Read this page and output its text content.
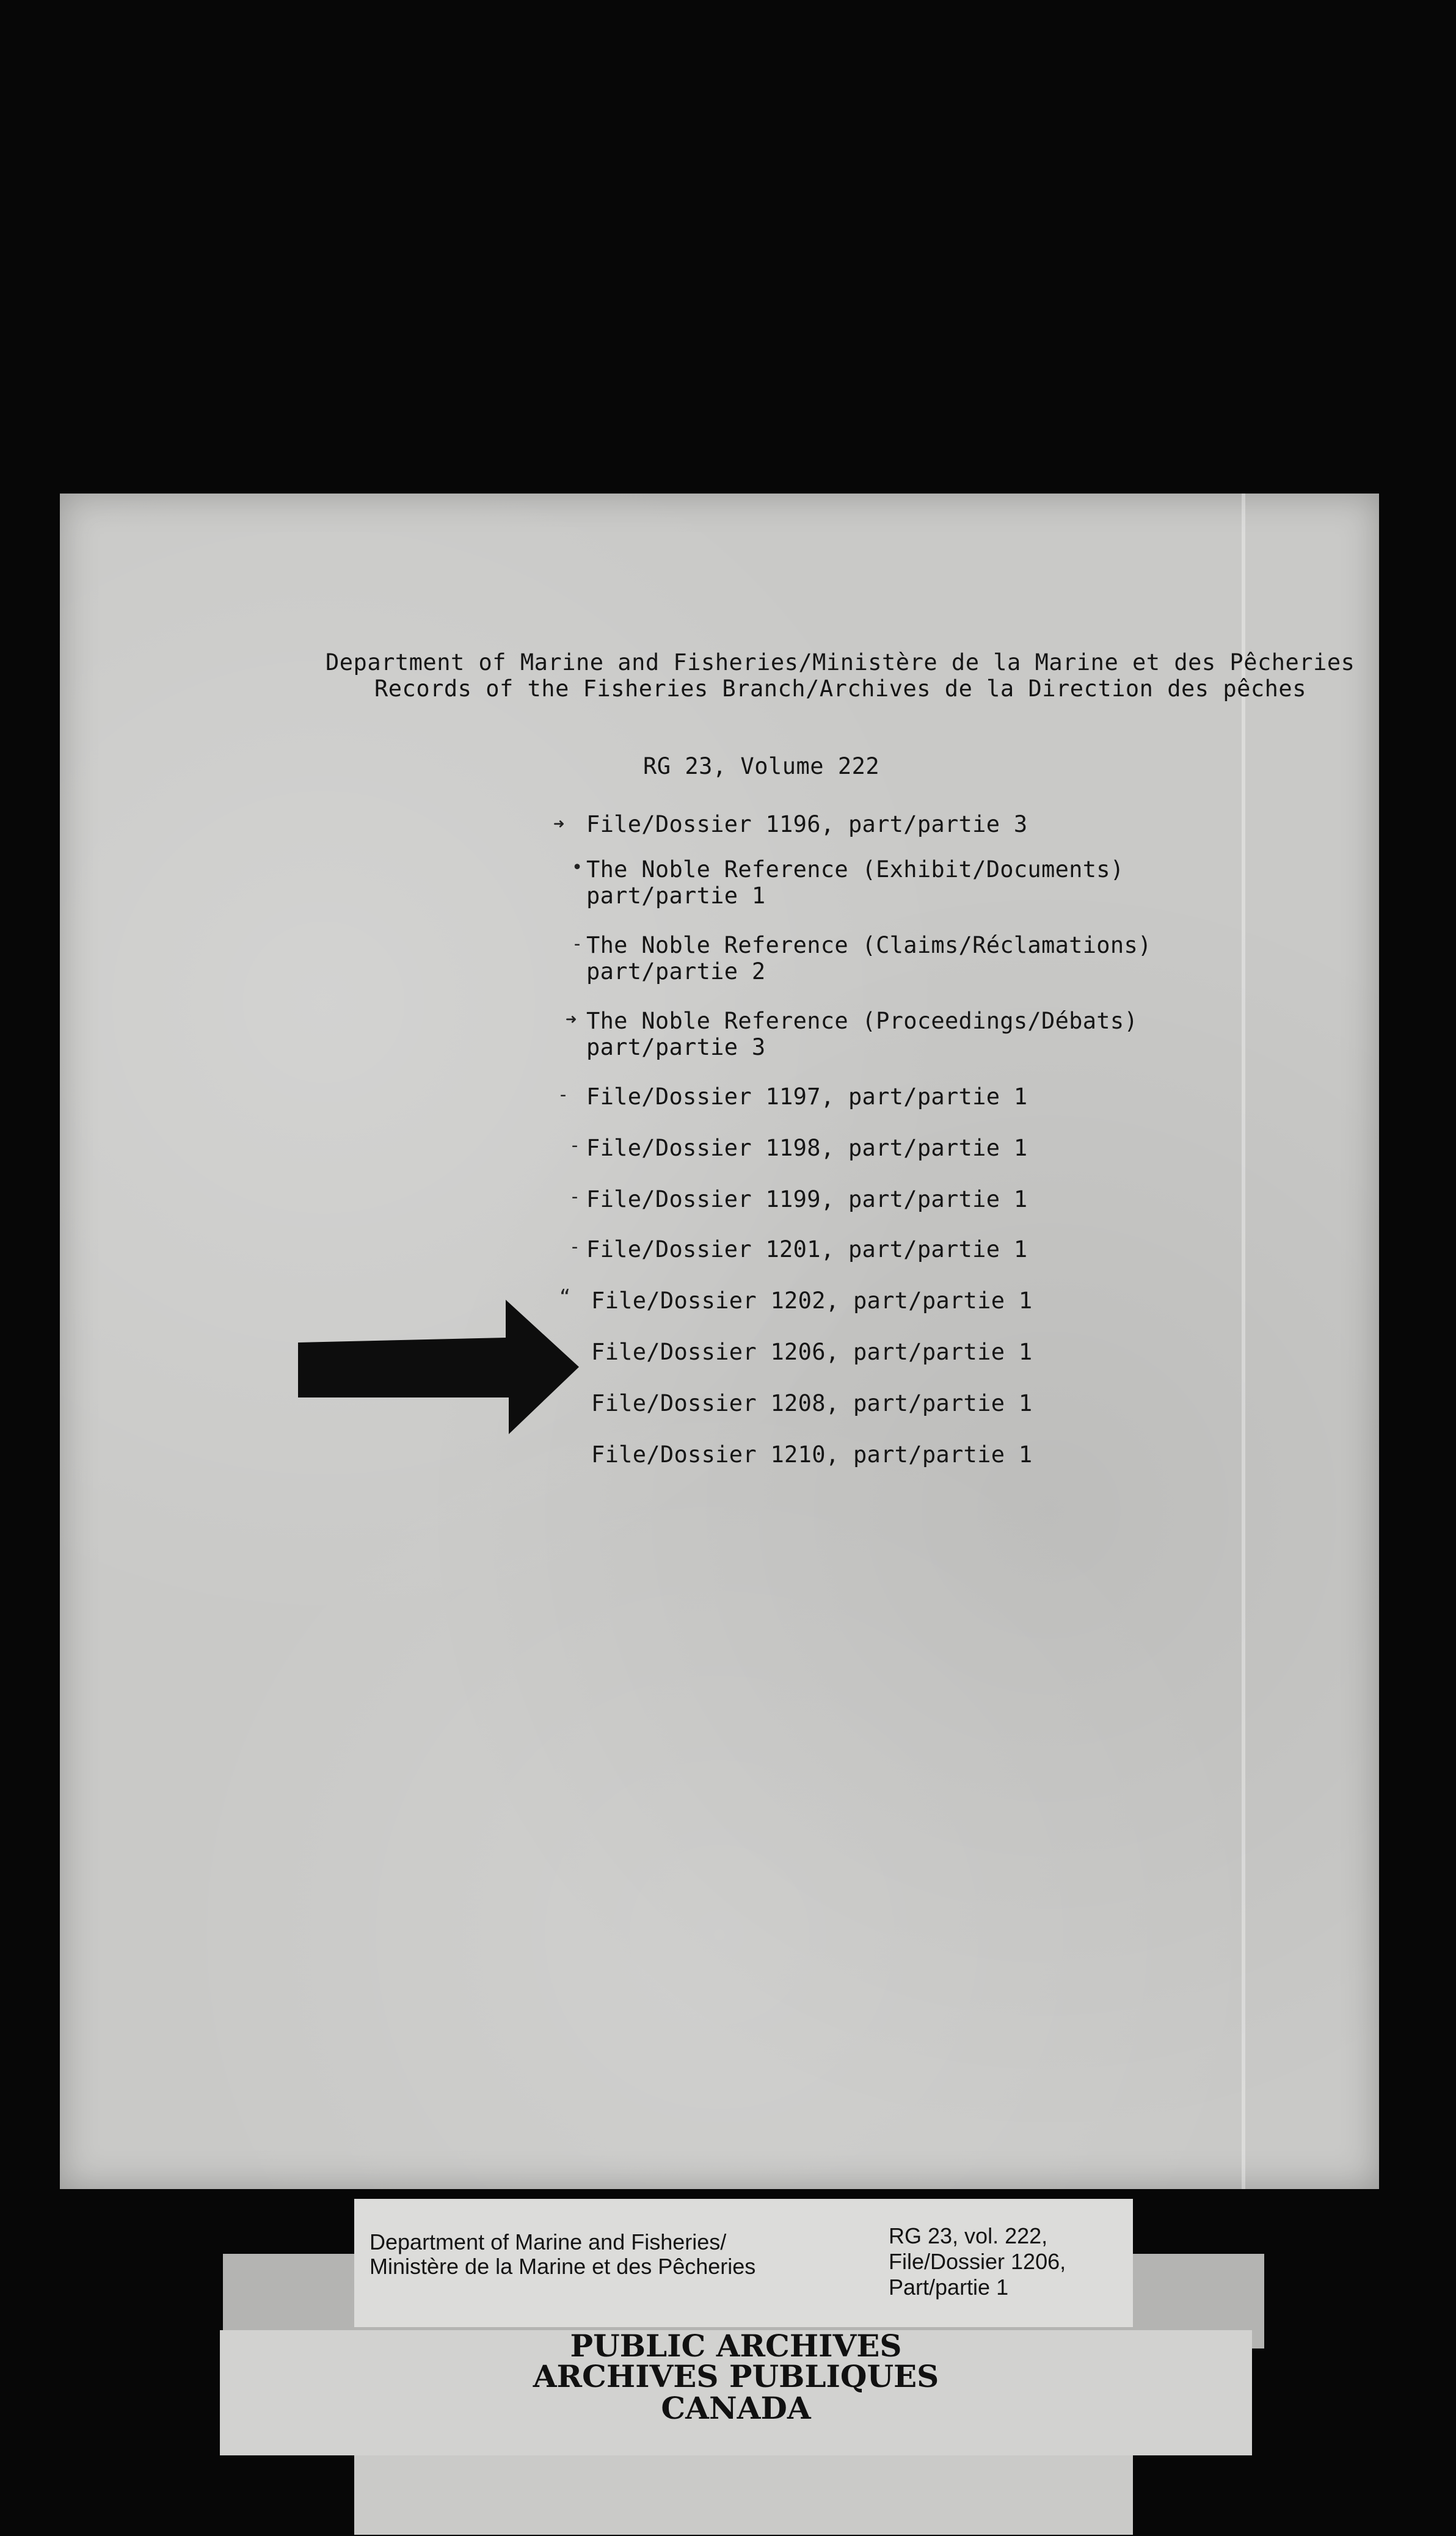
Department of Marine and Fisheries/Ministère de la Marine et des Pêcheries
Records of the Fisheries Branch/Archives de la Direction des pêches
RG 23, Volume 222
➜ File/Dossier 1196, part/partie 3
• The Noble Reference (Exhibit/Documents)
part/partie 1
- The Noble Reference (Claims/Réclamations)
part/partie 2
➜ The Noble Reference (Proceedings/Débats)
part/partie 3
- File/Dossier 1197, part/partie 1
- File/Dossier 1198, part/partie 1
- File/Dossier 1199, part/partie 1
- File/Dossier 1201, part/partie 1
“ File/Dossier 1202, part/partie 1
File/Dossier 1206, part/partie 1
File/Dossier 1208, part/partie 1
File/Dossier 1210, part/partie 1
Department of Marine and Fisheries/
Ministère de la Marine et des Pêcheries
RG 23, vol. 222,
File/Dossier 1206,
Part/partie 1
PUBLIC ARCHIVES
ARCHIVES PUBLIQUES
CANADA
